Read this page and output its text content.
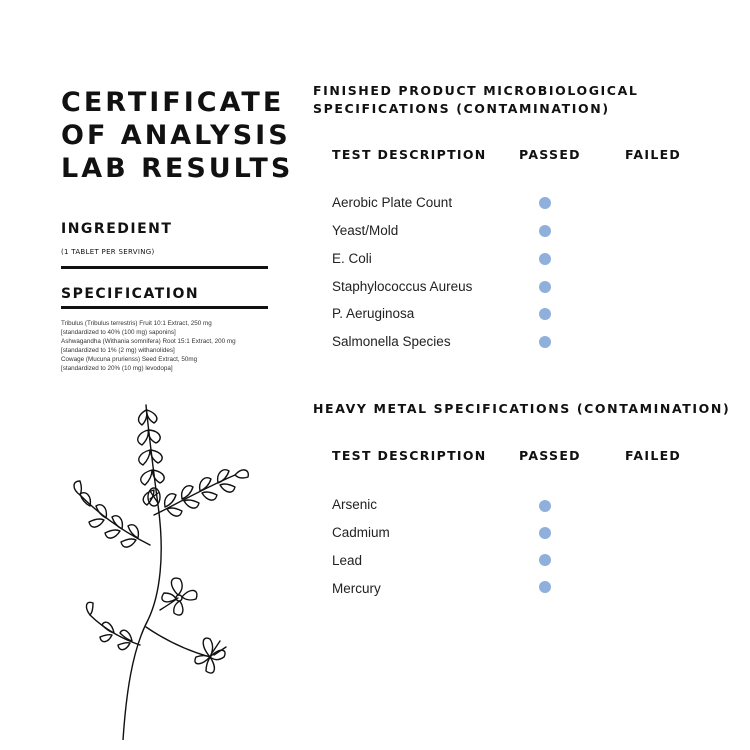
CERTIFICATE
OF ANALYSIS
LAB RESULTS
INGREDIENT
(1 TABLET PER SERVING)
SPECIFICATION
Tribulus (Tribulus terrestris) Fruit 10:1 Extract, 250 mg
[standardized to 40% (100 mg) saponins]
Ashwagandha (Withania somnifera) Root 15:1 Extract, 200 mg
[standardized to 1% (2 mg) withanolides]
Cowage (Mucuna prurienss) Seed Extract, 50mg
[standardized to 20% (10 mg) levodopa]
FINISHED PRODUCT MICROBIOLOGICAL
SPECIFICATIONS (CONTAMINATION)
TEST DESCRIPTION	PASSED	FAILED
Aerobic Plate Count
Yeast/Mold
E. Coli
Staphylococcus Aureus
P. Aeruginosa
Salmonella Species
HEAVY METAL SPECIFICATIONS (CONTAMINATION)
TEST DESCRIPTION	PASSED	FAILED
Arsenic
Cadmium
Lead
Mercury
